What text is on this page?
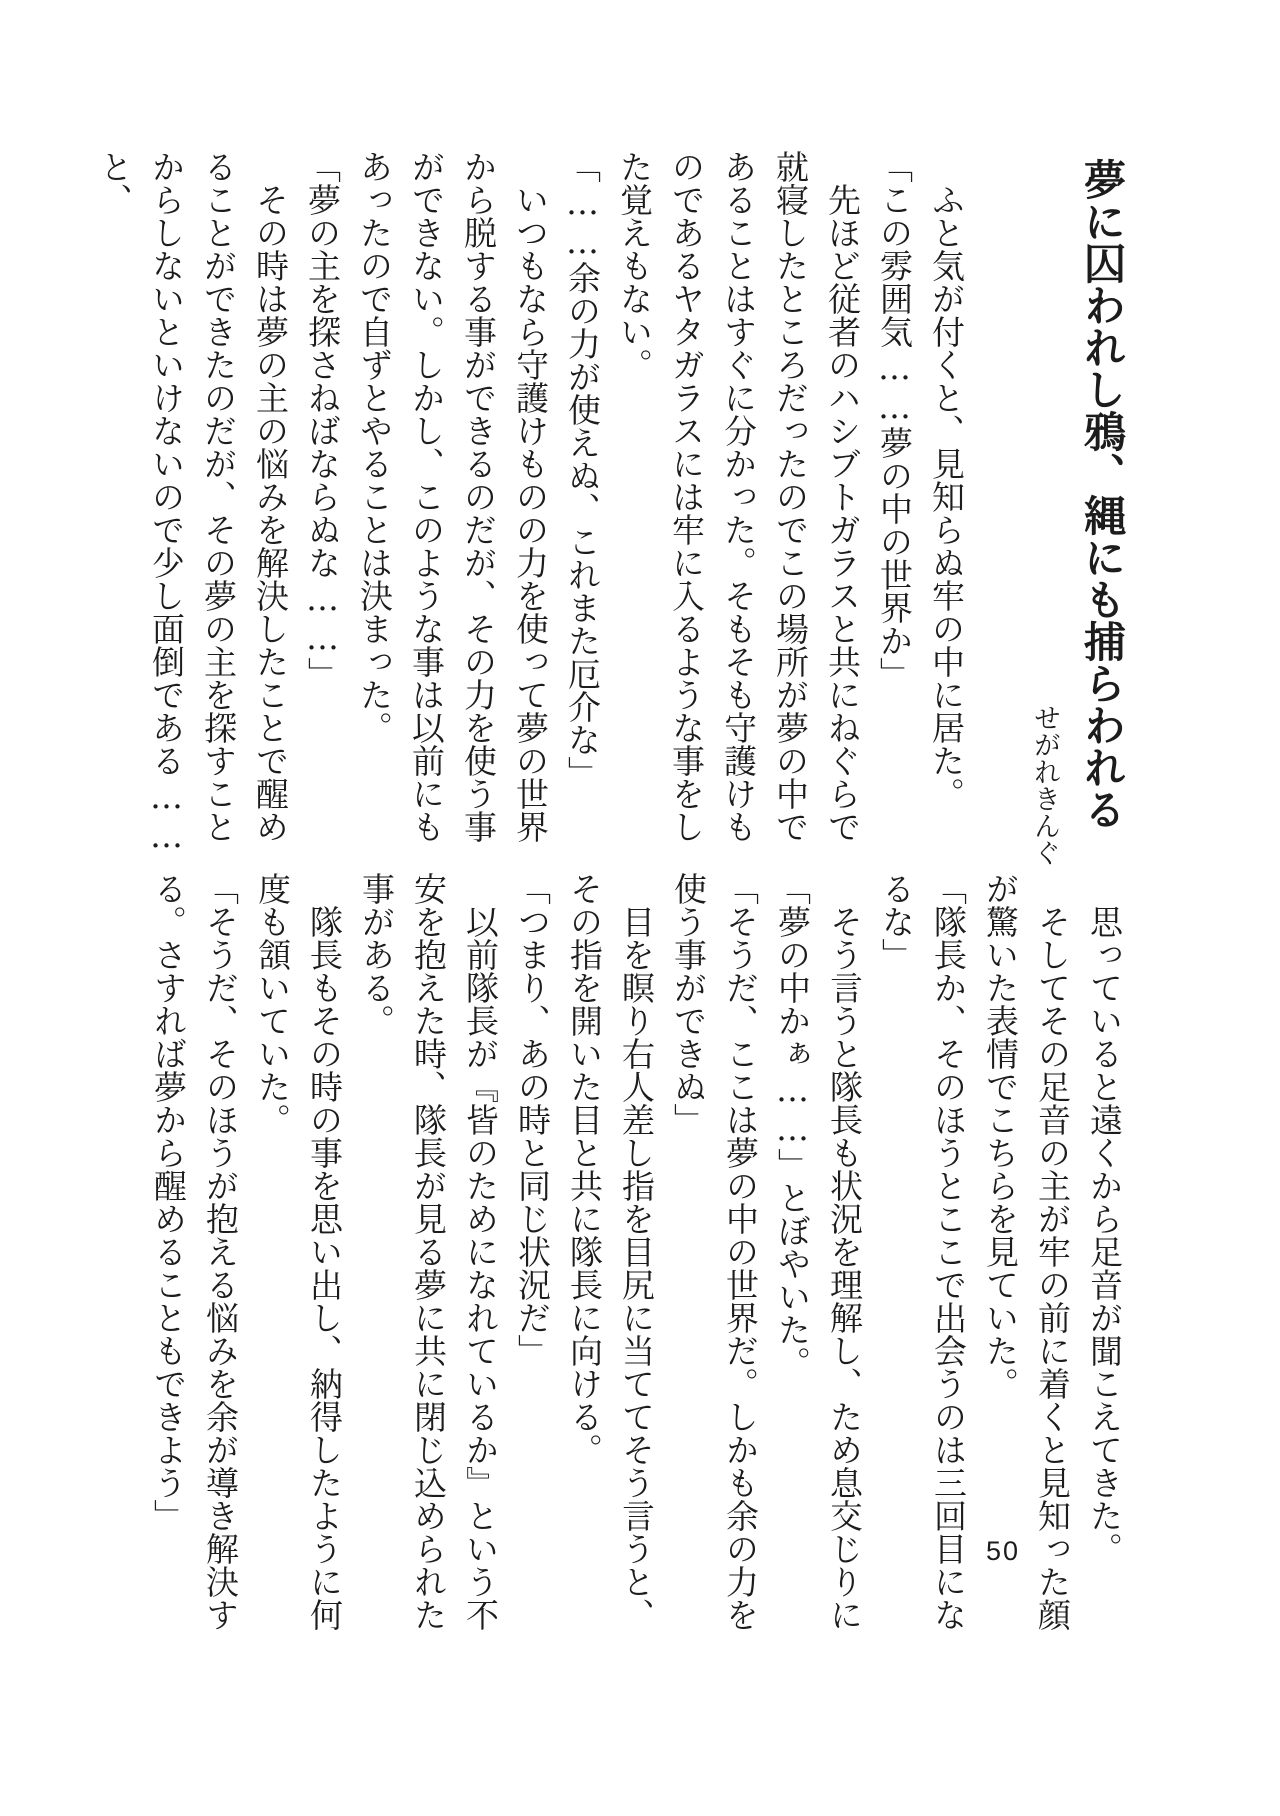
夢に囚われし鴉、縄にも捕らわれる
せがれきんぐ

ふと気が付くと、見知らぬ牢の中に居た。

「この雰囲気……夢の中の世界か」

先ほど従者のハシブトガラスと共にねぐらで就寝したところだったのでこの場所が夢の中であることはすぐに分かった。そもそも守護けものであるヤタガラスには牢に入るような事をした覚えもない。

「……余の力が使えぬ、これまた厄介な」

いつもなら守護けものの力を使って夢の世界から脱する事ができるのだが、その力を使う事ができない。しかし、このような事は以前にもあったので自ずとやることは決まった。

「夢の主を探さねばならぬな……」

その時は夢の主の悩みを解決したことで醒めることができたのだが、その夢の主を探すことからしないといけないので少し面倒である……と、

思っていると遠くから足音が聞こえてきた。

そしてその足音の主が牢の前に着くと見知った顔が驚いた表情でこちらを見ていた。

「隊長か、そのほうとここで出会うのは三回目になるな」

そう言うと隊長も状況を理解し、ため息交じりに「夢の中かぁ……」とぼやいた。

「そうだ、ここは夢の中の世界だ。しかも余の力を使う事ができぬ」

目を瞑り右人差し指を目尻に当ててそう言うと、その指を開いた目と共に隊長に向ける。

「つまり、あの時と同じ状況だ」

以前隊長が『皆のためになれているか』という不安を抱えた時、隊長が見る夢に共に閉じ込められた事がある。

隊長もその時の事を思い出し、納得したように何度も頷いていた。

「そうだ、そのほうが抱える悩みを余が導き解決する。さすれば夢から醒めることもできよう」

50
